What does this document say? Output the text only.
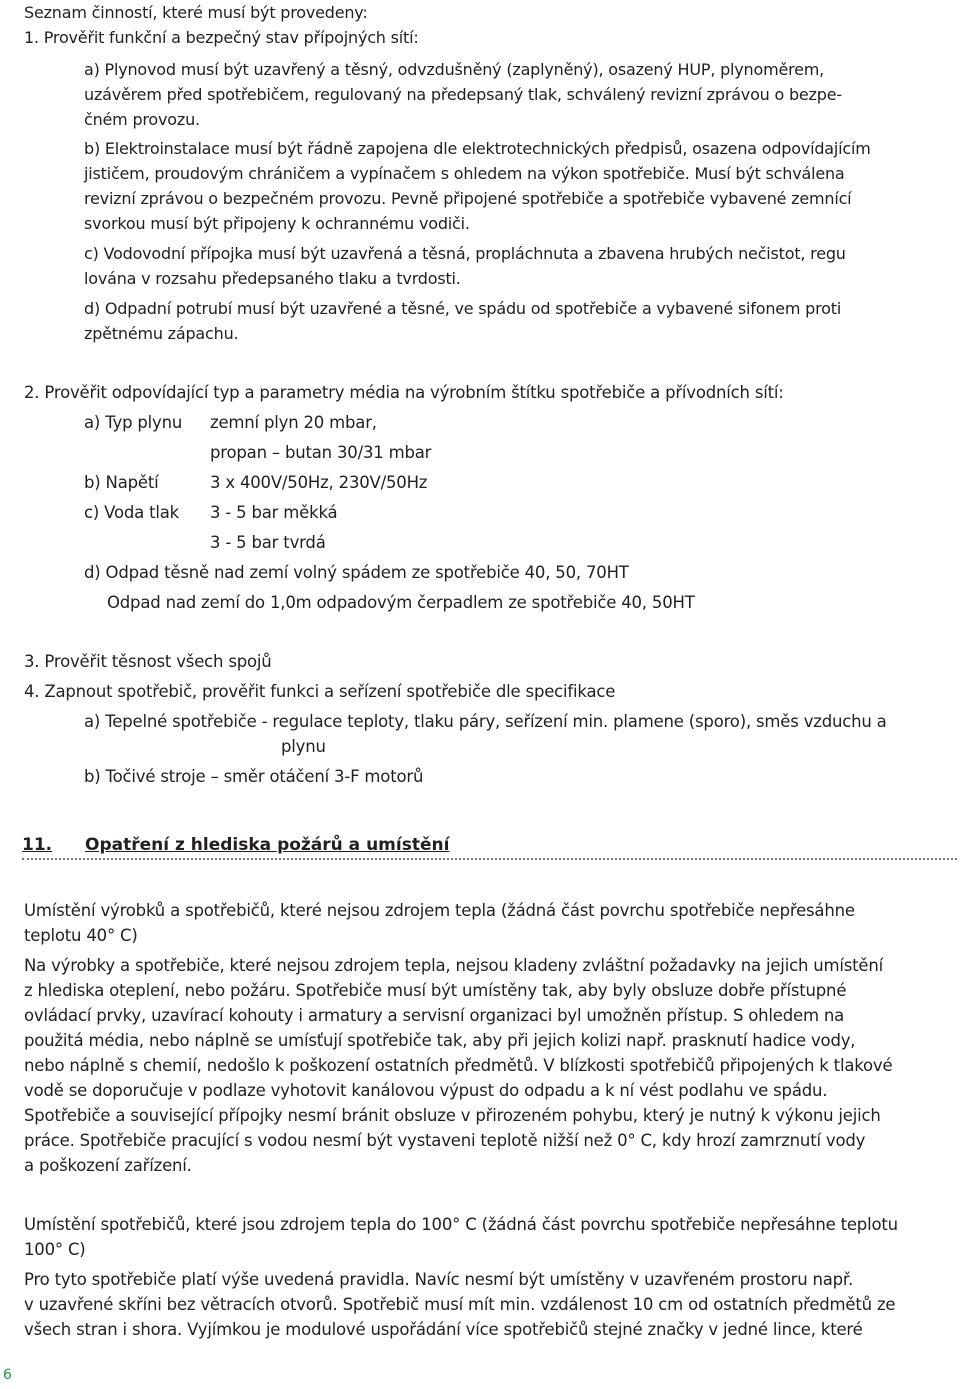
Seznam činností, které musí být provedeny:

1. Prověřit funkční a bezpečný stav přípojných sítí:

a) Plynovod musí být uzavřený a těsný, odvzdušněný (zaplyněný), osazený HUP, plynoměrem,

uzávěrem před spotřebičem, regulovaný na předepsaný tlak, schválený revizní zprávou o bezpe-

čném provozu.

b) Elektroinstalace musí být řádně zapojena dle elektrotechnických předpisů, osazena odpovídajícím

jističem, proudovým chráničem a vypínačem s ohledem na výkon spotřebiče. Musí být schválena

revizní zprávou o bezpečném provozu. Pevně připojené spotřebiče a spotřebiče vybavené zemnící

svorkou musí být připojeny k ochrannému vodiči.

c) Vodovodní přípojka musí být uzavřená a těsná, propláchnuta a zbavena hrubých nečistot, regu

lována v rozsahu předepsaného tlaku a tvrdosti.

d) Odpadní potrubí musí být uzavřené a těsné, ve spádu od spotřebiče a vybavené sifonem proti

zpětnému zápachu.

2. Prověřit odpovídající typ a parametry média na výrobním štítku spotřebiče a přívodních sítí:

a) Typ plynu zemní plyn 20 mbar,

propan – butan 30/31 mbar

b) Napětí	3 x 400V/50Hz, 230V/50Hz

c) Voda tlak 3 - 5 bar měkká

3 - 5 bar tvrdá

d) Odpad těsně nad zemí volný spádem ze spotřebiče 40, 50, 70HT

Odpad nad zemí do 1,0m odpadovým čerpadlem ze spotřebiče 40, 50HT

3. Prověřit těsnost všech spojů

4. Zapnout spotřebič, prověřit funkci a seřízení spotřebiče dle specifikace

a) Tepelné spotřebiče - regulace teploty, tlaku páry, seřízení min. plamene (sporo), směs vzduchu a

plynu

b) Točivé stroje – směr otáčení 3-F motorů

11. Opatření z hlediska požárů a umístění

Umístění výrobků a spotřebičů, které nejsou zdrojem tepla (žádná část povrchu spotřebiče nepřesáhne

teplotu 40° C)

Na výrobky a spotřebiče, které nejsou zdrojem tepla, nejsou kladeny zvláštní požadavky na jejich umístění

z hlediska oteplení, nebo požáru. Spotřebiče musí být umístěny tak, aby byly obsluze dobře přístupné

ovládací prvky, uzavírací kohouty i armatury a servisní organizaci byl umožněn přístup. S ohledem na

použitá média, nebo náplně se umísťují spotřebiče tak, aby při jejich kolizi např. prasknutí hadice vody,

nebo náplně s chemií, nedošlo k poškození ostatních předmětů. V blízkosti spotřebičů připojených k tlakové

vodě se doporučuje v podlaze vyhotovit kanálovou výpust do odpadu a k ní vést podlahu ve spádu.

Spotřebiče a související přípojky nesmí bránit obsluze v přirozeném pohybu, který je nutný k výkonu jejich

práce. Spotřebiče pracující s vodou nesmí být vystaveni teplotě nižší než 0° C, kdy hrozí zamrznutí vody

a poškození zařízení.

Umístění spotřebičů, které jsou zdrojem tepla do 100° C (žádná část povrchu spotřebiče nepřesáhne teplotu

100° C)

Pro tyto spotřebiče platí výše uvedená pravidla. Navíc nesmí být umístěny v uzavřeném prostoru např.

v uzavřené skříni bez větracích otvorů. Spotřebič musí mít min. vzdálenost 10 cm od ostatních předmětů ze

všech stran i shora. Vyjímkou je modulové uspořádání více spotřebičů stejné značky v jedné lince, které

6
